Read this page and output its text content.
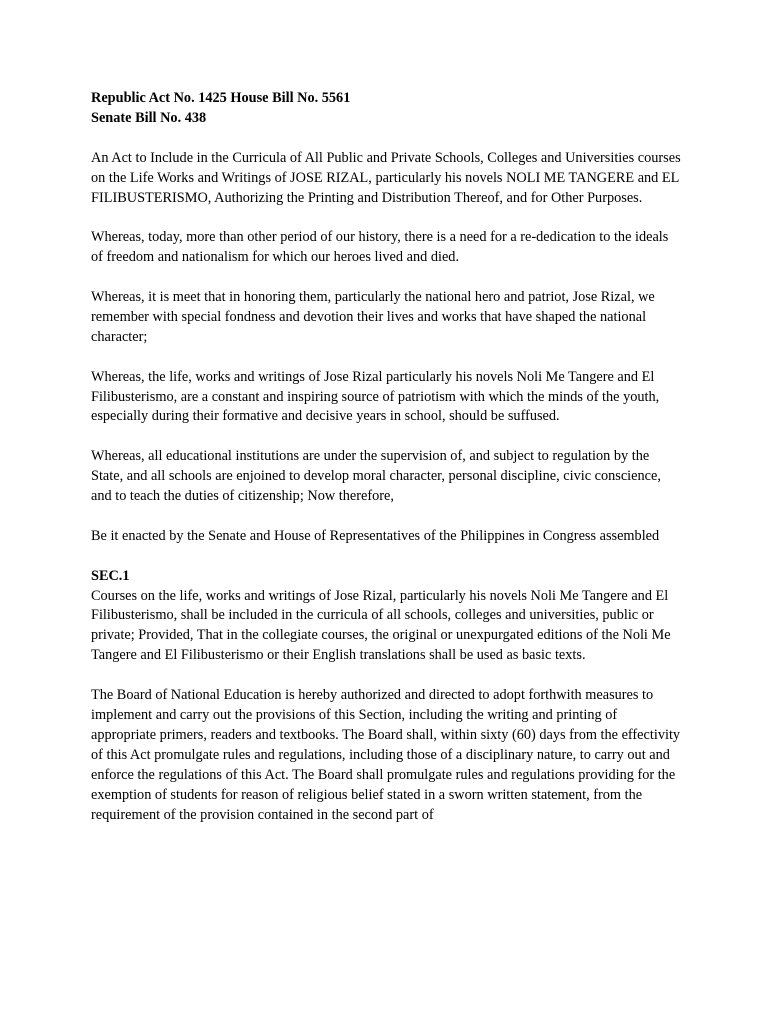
Republic Act No. 1425 House Bill No. 5561
Senate Bill No. 438

An Act to Include in the Curricula of All Public and Private Schools, Colleges and Universities courses on the Life Works and Writings of JOSE RIZAL, particularly his novels NOLI ME TANGERE and EL FILIBUSTERISMO, Authorizing the Printing and Distribution Thereof, and for Other Purposes.

Whereas, today, more than other period of our history, there is a need for a re-dedication to the ideals of freedom and nationalism for which our heroes lived and died.

Whereas, it is meet that in honoring them, particularly the national hero and patriot, Jose Rizal, we remember with special fondness and devotion their lives and works that have shaped the national character;

Whereas, the life, works and writings of Jose Rizal particularly his novels Noli Me Tangere and El Filibusterismo, are a constant and inspiring source of patriotism with which the minds of the youth, especially during their formative and decisive years in school, should be suffused.

Whereas, all educational institutions are under the supervision of, and subject to regulation by the State, and all schools are enjoined to develop moral character, personal discipline, civic conscience, and to teach the duties of citizenship; Now therefore,

Be it enacted by the Senate and House of Representatives of the Philippines in Congress assembled

SEC.1
Courses on the life, works and writings of Jose Rizal, particularly his novels Noli Me Tangere and El Filibusterismo, shall be included in the curricula of all schools, colleges and universities, public or private; Provided, That in the collegiate courses, the original or unexpurgated editions of the Noli Me Tangere and El Filibusterismo or their English translations shall be used as basic texts.

The Board of National Education is hereby authorized and directed to adopt forthwith measures to implement and carry out the provisions of this Section, including the writing and printing of appropriate primers, readers and textbooks. The Board shall, within sixty (60) days from the effectivity of this Act promulgate rules and regulations, including those of a disciplinary nature, to carry out and enforce the regulations of this Act. The Board shall promulgate rules and regulations providing for the exemption of students for reason of religious belief stated in a sworn written statement, from the requirement of the provision contained in the second part of
